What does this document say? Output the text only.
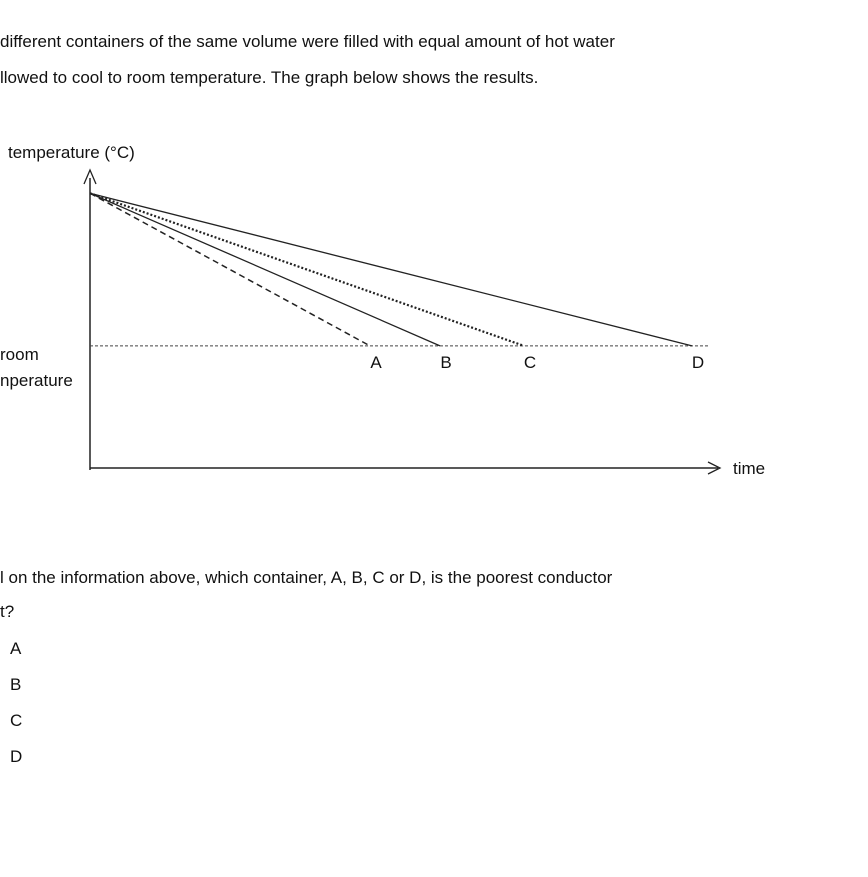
different containers of the same volume were filled with equal amount of hot water
llowed to cool to room temperature. The graph below shows the results.
temperature (°C)
time
room
nperature
A	B	C	D
l on the information above, which container, A, B, C or D, is the poorest conductor
t?
A
B
C
D
